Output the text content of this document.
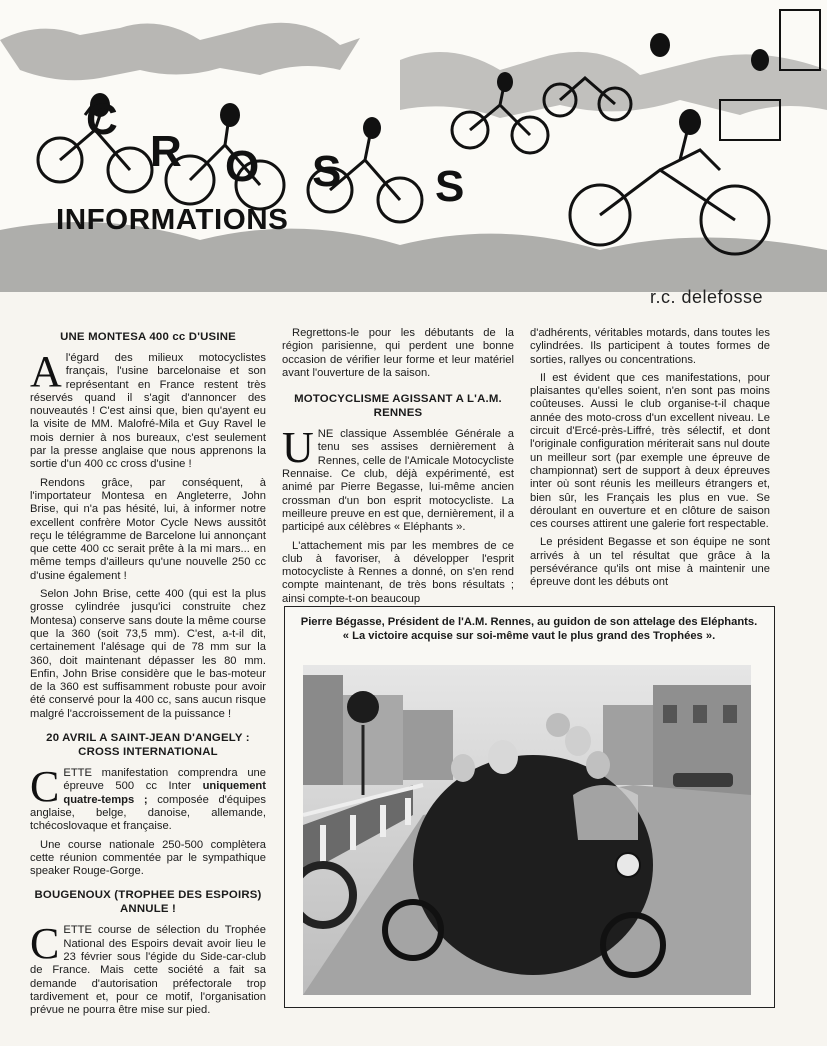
C
R O S S
INFORMATIONS
r.c. delefosse
UNE MONTESA 400 cc D'USINE

Al'égard des milieux motocyclistes français, l'usine barcelonaise et son représentant en France restent très réservés quand il s'agit d'annoncer des nouveautés ! C'est ainsi que, bien qu'ayent eu la visite de MM. Malofré-Mila et Guy Ravel le mois dernier à nos bureaux, c'est seulement par la presse anglaise que nous apprenons la sortie d'un 400 cc cross d'usine !

Rendons grâce, par conséquent, à l'importateur Montesa en Angleterre, John Brise, qui n'a pas hésité, lui, à informer notre excellent confrère Motor Cycle News aussitôt reçu le télégramme de Barcelone lui annonçant que cette 400 cc serait prête à la mi mars... en même temps d'ailleurs qu'une nouvelle 250 cc d'usine également !

Selon John Brise, cette 400 (qui est la plus grosse cylindrée jusqu'ici construite chez Montesa) conserve sans doute la même course que la 360 (soit 73,5 mm). C'est, a-t-il dit, certainement l'alésage qui de 78 mm sur la 360, doit maintenant dépasser les 80 mm. Enfin, John Brise considère que le bas-moteur de la 360 est suffisamment robuste pour avoir été conservé pour la 400 cc, sans aucun risque malgré l'accroissement de la puissance !

20 AVRIL A SAINT-JEAN D'ANGELY : CROSS INTERNATIONAL

CETTE manifestation comprendra une épreuve 500 cc Inter uniquement quatre-temps ; composée d'équipes anglaise, belge, danoise, allemande, tchécoslovaque et française.

Une course nationale 250-500 complètera cette réunion commentée par le sympathique speaker Rouge-Gorge.

BOUGENOUX (TROPHEE DES ESPOIRS) ANNULE !

CETTE course de sélection du Trophée National des Espoirs devait avoir lieu le 23 février sous l'égide du Side-car-club de France. Mais cette société a fait sa demande d'autorisation préfectorale trop tardivement et, pour ce motif, l'organisation prévue ne pourra être mise sur pied.

Regrettons-le pour les débutants de la région parisienne, qui perdent une bonne occasion de vérifier leur forme et leur matériel avant l'ouverture de la saison.

MOTOCYCLISME AGISSANT A L'A.M. RENNES

UNE classique Assemblée Générale a tenu ses assises dernièrement à Rennes, celle de l'Amicale Motocycliste Rennaise. Ce club, déjà expérimenté, est animé par Pierre Begasse, lui-même ancien crossman d'un bon esprit motocycliste. La meilleure preuve en est que, dernièrement, il a participé aux célèbres « Eléphants ».

L'attachement mis par les membres de ce club à favoriser, à développer l'esprit motocycliste à Rennes a donné, on s'en rend compte maintenant, de très bons résultats ; ainsi compte-t-on beaucoup

d'adhérents, véritables motards, dans toutes les cylindrées. Ils participent à toutes formes de sorties, rallyes ou concentrations.

Il est évident que ces manifestations, pour plaisantes qu'elles soient, n'en sont pas moins coûteuses. Aussi le club organise-t-il chaque année des moto-cross d'un excellent niveau. Le circuit d'Ercé-près-Liffré, très sélectif, et dont l'originale configuration mériterait sans nul doute un meilleur sort (par exemple une épreuve de championnat) sert de support à deux épreuves inter où sont réunis les meilleurs étrangers et, bien sûr, les Français les plus en vue. Se déroulant en ouverture et en clôture de saison ces courses attirent une galerie fort respectable.

Le président Begasse et son équipe ne sont arrivés à un tel résultat que grâce à la persévérance qu'ils ont mise à maintenir une épreuve dont les débuts ont

Pierre Bégasse, Président de l'A.M. Rennes, au guidon de son attelage des Eléphants. « La victoire acquise sur soi-même vaut le plus grand des Trophées ».
